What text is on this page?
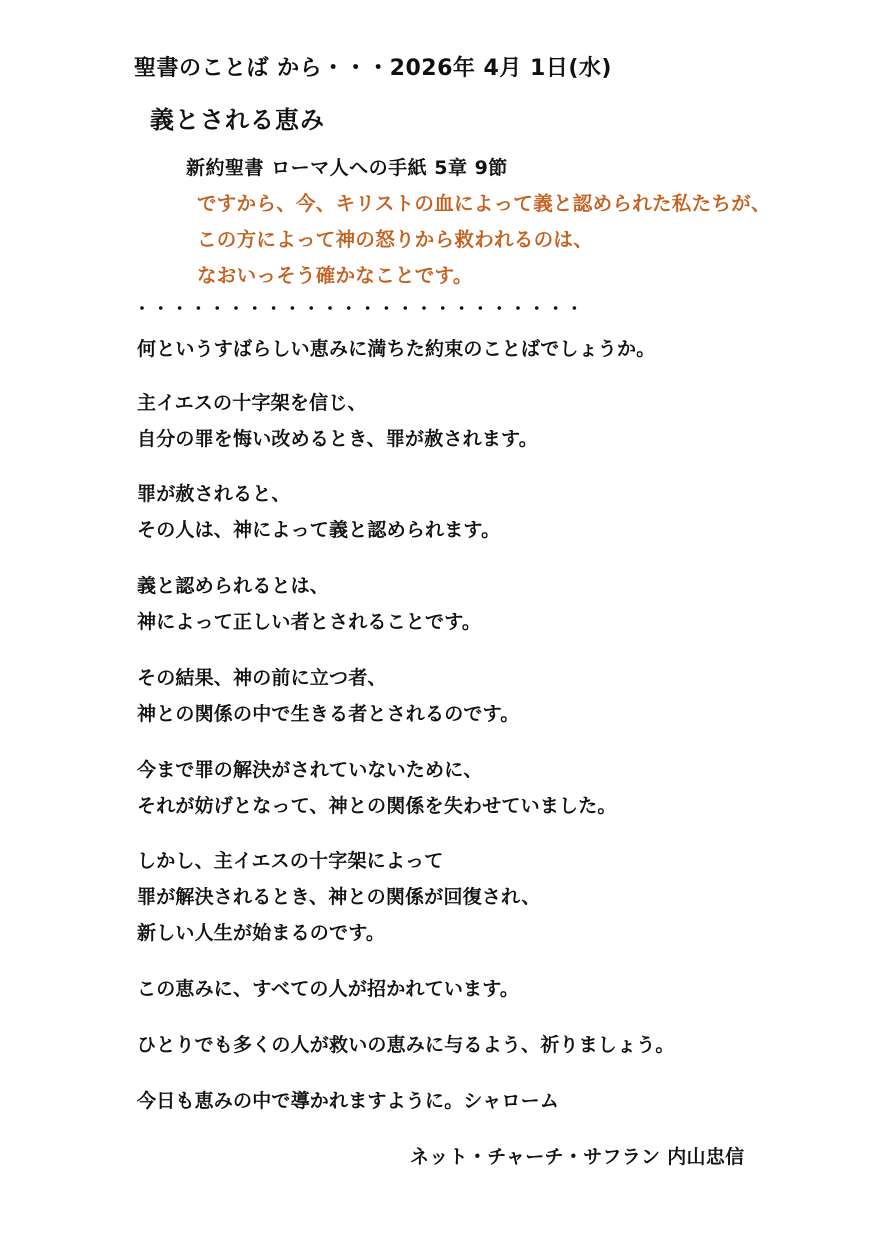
聖書のことば から・・・2026年 4月 1日(水)
義とされる恵み
新約聖書 ローマ人への手紙 5章 9節
ですから、今、キリストの血によって義と認められた私たちが、
この方によって神の怒りから救われるのは、
なおいっそう確かなことです。
・・・・・・・・・・・・・・・・・・・・・・・・
何というすばらしい恵みに満ちた約束のことばでしょうか。
主イエスの十字架を信じ、
自分の罪を悔い改めるとき、罪が赦されます。
罪が赦されると、
その人は、神によって義と認められます。
義と認められるとは、
神によって正しい者とされることです。
その結果、神の前に立つ者、
神との関係の中で生きる者とされるのです。
今まで罪の解決がされていないために、
それが妨げとなって、神との関係を失わせていました。
しかし、主イエスの十字架によって
罪が解決されるとき、神との関係が回復され、
新しい人生が始まるのです。
この恵みに、すべての人が招かれています。
ひとりでも多くの人が救いの恵みに与るよう、祈りましょう。
今日も恵みの中で導かれますように。シャローム
ネット・チャーチ・サフラン 内山忠信
